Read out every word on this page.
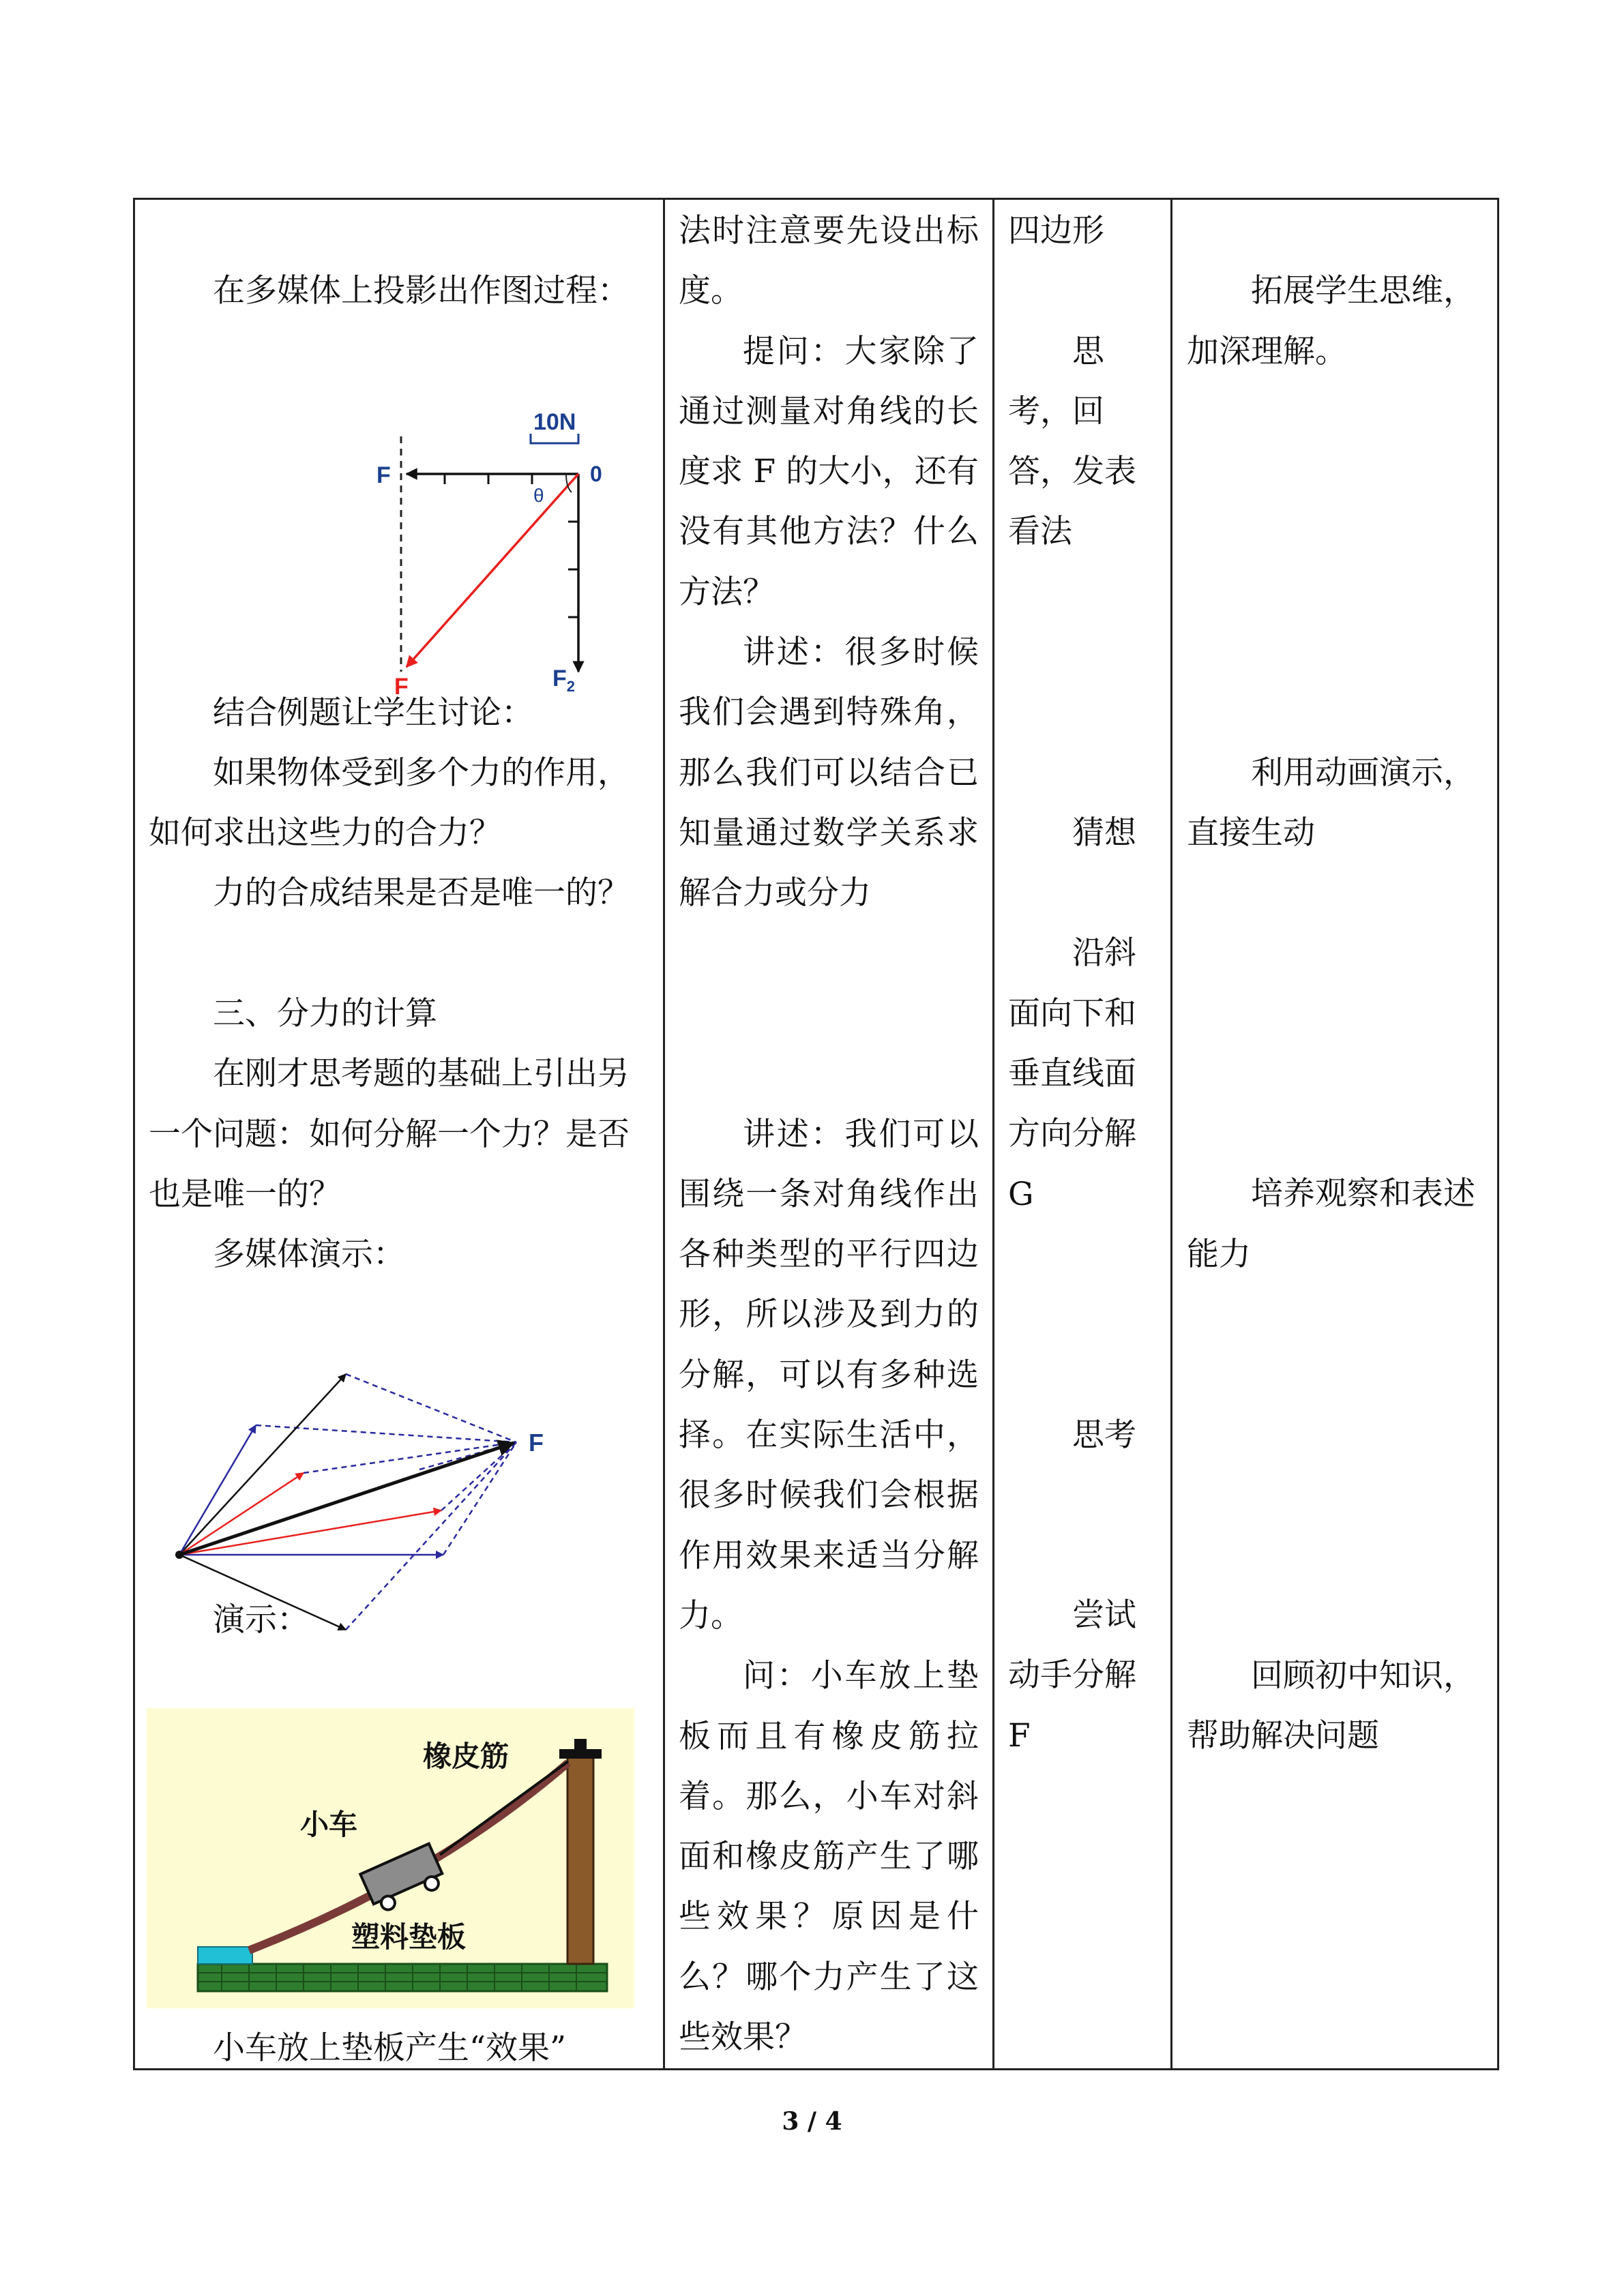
在多媒体上投影出作图过程：

结合例题让学生讨论：

如果物体受到多个力的作用，如何求出这些力的合力？

力的合成结果是否是唯一的？

三、分力的计算

在刚才思考题的基础上引出另一个问题：如何分解一个力？是否也是唯一的？

多媒体演示：

演示：

小车放上垫板产生“效果”

法时注意要先设出标度。

提问：大家除了通过测量对角线的长度求 F 的大小，还有没有其他方法？什么方法？

讲述：很多时候我们会遇到特殊角，那么我们可以结合已知量通过数学关系求解合力或分力

讲述：我们可以围绕一条对角线作出各种类型的平行四边形，所以涉及到力的分解，可以有多种选择。在实际生活中，很多时候我们会根据作用效果来适当分解力。

问：小车放上垫板而且有橡皮筋拉着。那么，小车对斜面和橡皮筋产生了哪些效果？原因是什么？哪个力产生了这些效果？

四边形

思考，回答，发表看法

猜想

沿斜面向下和垂直线面方向分解 G

思考

尝试动手分解 F

拓展学生思维，加深理解。

利用动画演示，直接生动

培养观察和表述能力

回顾初中知识，帮助解决问题

10N
F	0
θ
F	$F_2$
F
橡皮筋
小车
塑料垫板
3 / 4
